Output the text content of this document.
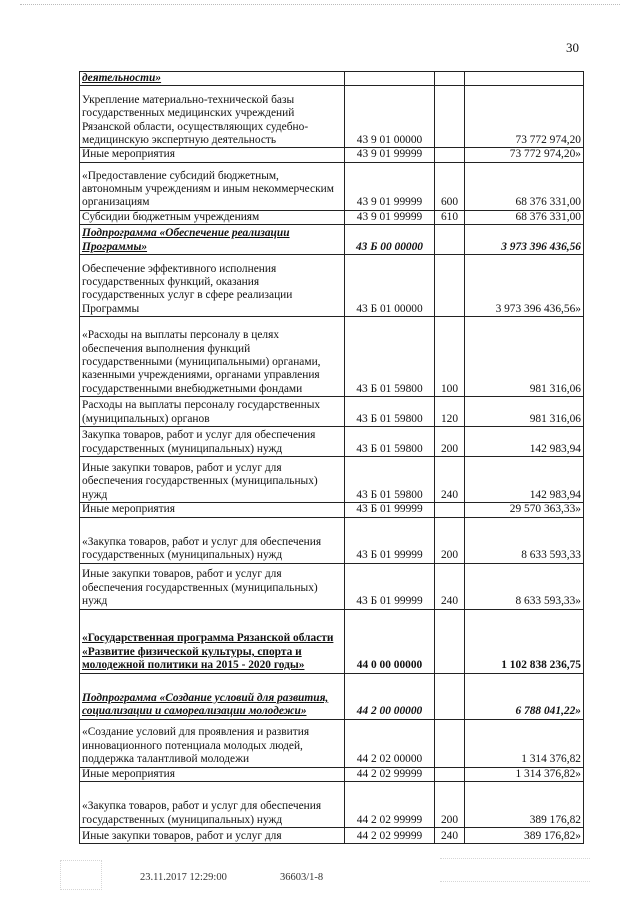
30
деятельности»			
Укрепление материально-технической базы государственных медицинских учреждений Рязанской области, осуществляющих судебно-медицинскую экспертную деятельность	43 9 01 00000		73 772 974,20
Иные мероприятия	43 9 01 99999		73 772 974,20»
«Предоставление субсидий бюджетным, автономным учреждениям и иным некоммерческим организациям	43 9 01 99999	600	68 376 331,00
Субсидии бюджетным учреждениям	43 9 01 99999	610	68 376 331,00
Подпрограмма «Обеспечение реализации Программы»	43 Б 00 00000		3 973 396 436,56
Обеспечение эффективного исполнения государственных функций, оказания государственных услуг в сфере реализации Программы	43 Б 01 00000		3 973 396 436,56»
«Расходы на выплаты персоналу в целях обеспечения выполнения функций государственными (муниципальными) органами, казенными учреждениями, органами управления государственными внебюджетными фондами	43 Б 01 59800	100	981 316,06
Расходы на выплаты персоналу государственных (муниципальных) органов	43 Б 01 59800	120	981 316,06
Закупка товаров, работ и услуг для обеспечения государственных (муниципальных) нужд	43 Б 01 59800	200	142 983,94
Иные закупки товаров, работ и услуг для обеспечения государственных (муниципальных) нужд	43 Б 01 59800	240	142 983,94
Иные мероприятия	43 Б 01 99999		29 570 363,33»
«Закупка товаров, работ и услуг для обеспечения государственных (муниципальных) нужд	43 Б 01 99999	200	8 633 593,33
Иные закупки товаров, работ и услуг для обеспечения государственных (муниципальных) нужд	43 Б 01 99999	240	8 633 593,33»
«Государственная программа Рязанской области «Развитие физической культуры, спорта и молодежной политики на 2015 - 2020 годы»	44 0 00 00000		1 102 838 236,75
Подпрограмма «Создание условий для развития, социализации и самореализации молодежи»	44 2 00 00000		6 788 041,22»
«Создание условий для проявления и развития инновационного потенциала молодых людей, поддержка талантливой молодежи	44 2 02 00000		1 314 376,82
Иные мероприятия	44 2 02 99999		1 314 376,82»
«Закупка товаров, работ и услуг для обеспечения государственных (муниципальных) нужд	44 2 02 99999	200	389 176,82
Иные закупки товаров, работ и услуг для	44 2 02 99999	240	389 176,82»
23.11.2017 12:29:00	36603/1-8
